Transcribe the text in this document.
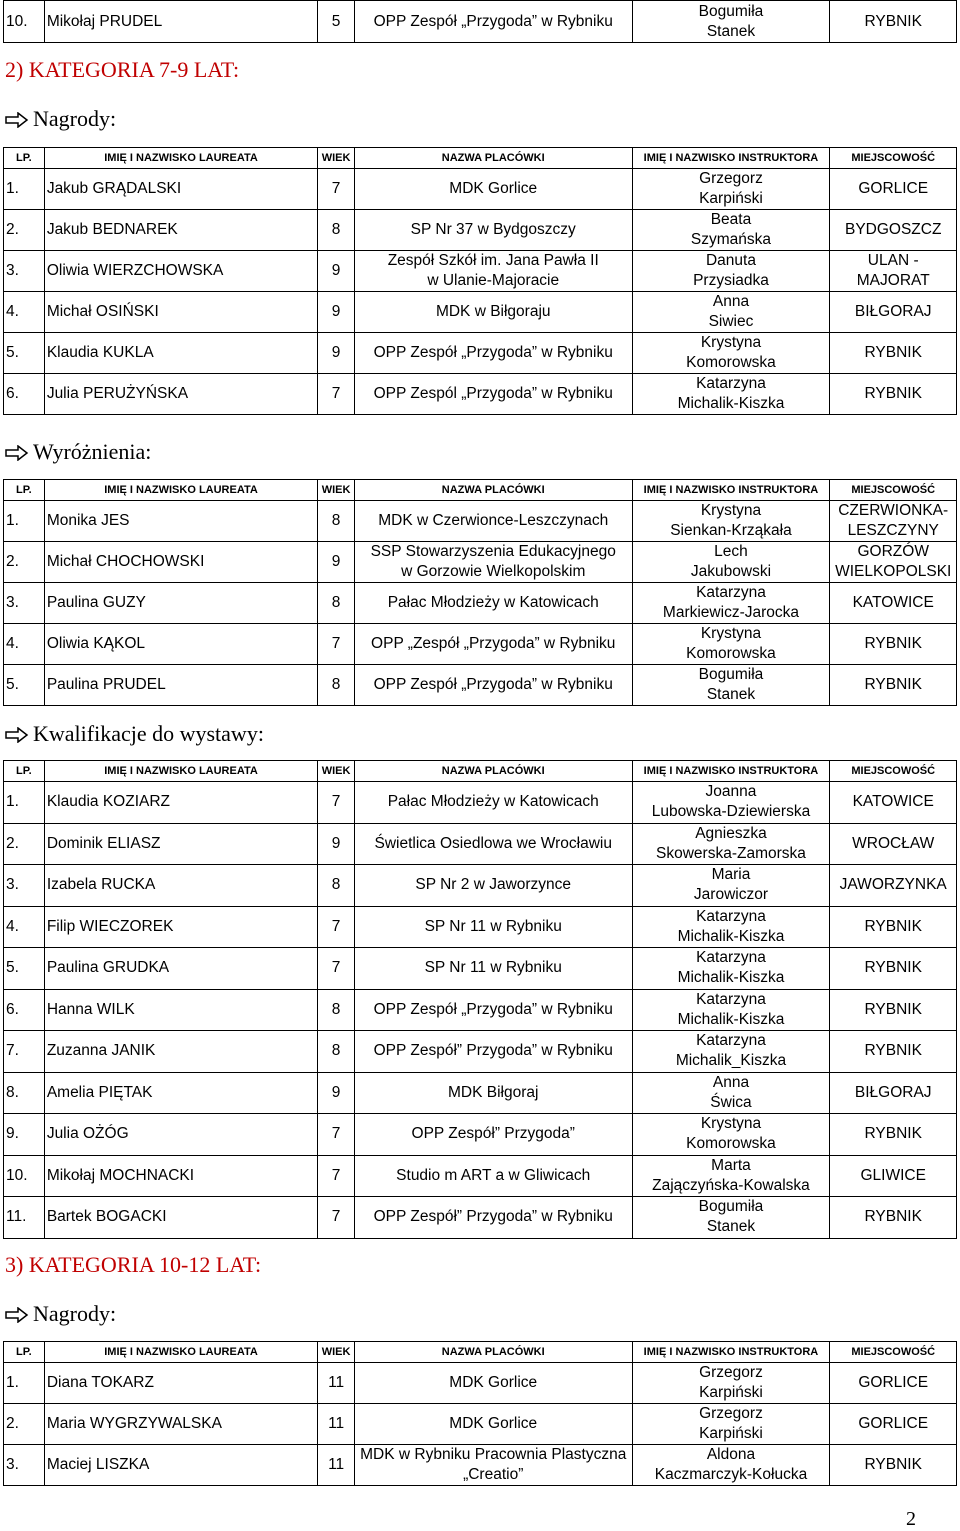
10.	Mikołaj PRUDEL	5	OPP Zespół „Przygoda” w Rybniku	Bogumiła
Stanek	RYBNIK
2) KATEGORIA 7-9 LAT:
Nagrody:
LP.	IMIĘ I NAZWISKO LAUREATA	WIEK	NAZWA PLACÓWKI	IMIĘ I NAZWISKO INSTRUKTORA	MIEJSCOWOŚĆ
1.	Jakub GRĄDALSKI	7	MDK Gorlice	Grzegorz
Karpiński	GORLICE
2.	Jakub BEDNAREK	8	SP Nr 37 w Bydgoszczy	Beata
Szymańska	BYDGOSZCZ
3.	Oliwia WIERZCHOWSKA	9	Zespół Szkół im. Jana Pawła II
w Ulanie-Majoracie	Danuta
Przysiadka	ULAN -
MAJORAT
4.	Michał OSIŃSKI	9	MDK w Biłgoraju	Anna
Siwiec	BIŁGORAJ
5.	Klaudia KUKLA	9	OPP Zespół „Przygoda” w Rybniku	Krystyna
Komorowska	RYBNIK
6.	Julia PERUŻYŃSKA	7	OPP Zespól „Przygoda” w Rybniku	Katarzyna
Michalik-Kiszka	RYBNIK
Wyróżnienia:
LP.	IMIĘ I NAZWISKO LAUREATA	WIEK	NAZWA PLACÓWKI	IMIĘ I NAZWISKO INSTRUKTORA	MIEJSCOWOŚĆ
1.	Monika JES	8	MDK w Czerwionce-Leszczynach	Krystyna
Sienkan-Krząkała	CZERWIONKA-
LESZCZYNY
2.	Michał CHOCHOWSKI	9	SSP Stowarzyszenia Edukacyjnego
w Gorzowie Wielkopolskim	Lech
Jakubowski	GORZÓW
WIELKOPOLSKI
3.	Paulina GUZY	8	Pałac Młodzieży w Katowicach	Katarzyna
Markiewicz-Jarocka	KATOWICE
4.	Oliwia KĄKOL	7	OPP „Zespół „Przygoda” w Rybniku	Krystyna
Komorowska	RYBNIK
5.	Paulina PRUDEL	8	OPP Zespół „Przygoda” w Rybniku	Bogumiła
Stanek	RYBNIK
Kwalifikacje do wystawy:
LP.	IMIĘ I NAZWISKO LAUREATA	WIEK	NAZWA PLACÓWKI	IMIĘ I NAZWISKO INSTRUKTORA	MIEJSCOWOŚĆ
1.	Klaudia KOZIARZ	7	Pałac Młodzieży w Katowicach	Joanna
Lubowska-Dziewierska	KATOWICE
2.	Dominik ELIASZ	9	Świetlica Osiedlowa we Wrocławiu	Agnieszka
Skowerska-Zamorska	WROCŁAW
3.	Izabela RUCKA	8	SP Nr 2 w Jaworzynce	Maria
Jarowiczor	JAWORZYNKA
4.	Filip WIECZOREK	7	SP Nr 11 w Rybniku	Katarzyna
Michalik-Kiszka	RYBNIK
5.	Paulina GRUDKA	7	SP Nr 11 w Rybniku	Katarzyna
Michalik-Kiszka	RYBNIK
6.	Hanna WILK	8	OPP Zespół „Przygoda” w Rybniku	Katarzyna
Michalik-Kiszka	RYBNIK
7.	Zuzanna JANIK	8	OPP Zespół” Przygoda” w Rybniku	Katarzyna
Michalik_Kiszka	RYBNIK
8.	Amelia PIĘTAK	9	MDK Biłgoraj	Anna
Świca	BIŁGORAJ
9.	Julia OŻÓG	7	OPP Zespół” Przygoda”	Krystyna
Komorowska	RYBNIK
10.	Mikołaj MOCHNACKI	7	Studio m ART a w Gliwicach	Marta
Zajączyńska-Kowalska	GLIWICE
11.	Bartek BOGACKI	7	OPP Zespół” Przygoda” w Rybniku	Bogumiła
Stanek	RYBNIK
3) KATEGORIA 10-12 LAT:
Nagrody:
LP.	IMIĘ I NAZWISKO LAUREATA	WIEK	NAZWA PLACÓWKI	IMIĘ I NAZWISKO INSTRUKTORA	MIEJSCOWOŚĆ
1.	Diana TOKARZ	11	MDK Gorlice	Grzegorz
Karpiński	GORLICE
2.	Maria WYGRZYWALSKA	11	MDK Gorlice	Grzegorz
Karpiński	GORLICE
3.	Maciej LISZKA	11	MDK w Rybniku Pracownia Plastyczna
„Creatio”	Aldona
Kaczmarczyk-Kołucka	RYBNIK
2
